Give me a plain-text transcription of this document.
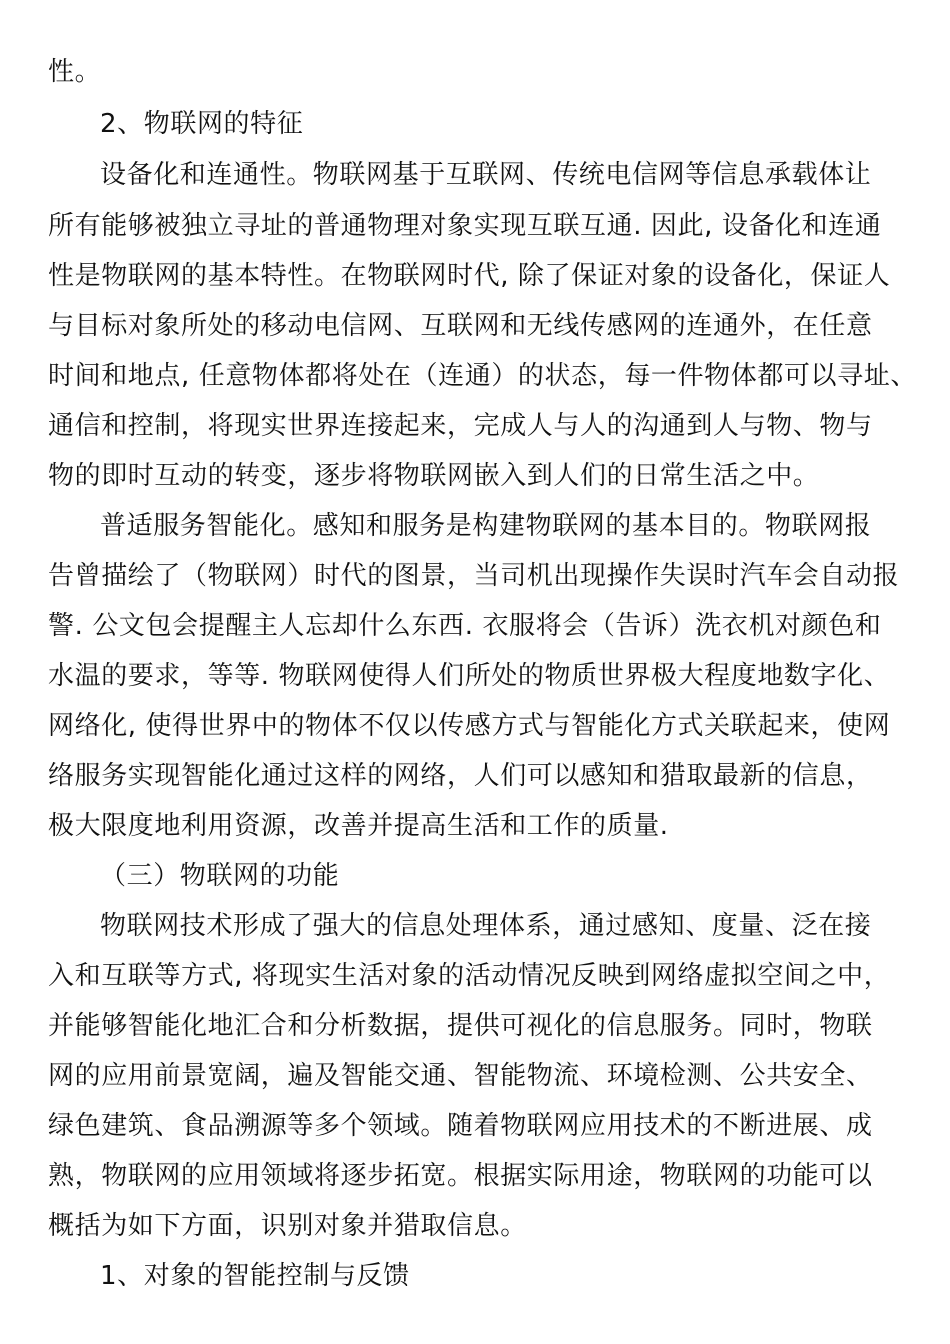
性。
2、物联网的特征
设备化和连通性。物联网基于互联网、传统电信网等信息承载体让
所有能够被独立寻址的普通物理对象实现互联互通. 因此, 设备化和连通
性是物联网的基本特性。在物联网时代, 除了保证对象的设备化，保证人
与目标对象所处的移动电信网、互联网和无线传感网的连通外，在任意
时间和地点, 任意物体都将处在（连通）的状态，每一件物体都可以寻址、
通信和控制，将现实世界连接起来，完成人与人的沟通到人与物、物与
物的即时互动的转变，逐步将物联网嵌入到人们的日常生活之中。
普适服务智能化。感知和服务是构建物联网的基本目的。物联网报
告曾描绘了（物联网）时代的图景，当司机出现操作失误时汽车会自动报
警. 公文包会提醒主人忘却什么东西. 衣服将会（告诉）洗衣机对颜色和
水温的要求，等等. 物联网使得人们所处的物质世界极大程度地数字化、
网络化, 使得世界中的物体不仅以传感方式与智能化方式关联起来，使网
络服务实现智能化通过这样的网络，人们可以感知和猎取最新的信息，
极大限度地利用资源，改善并提高生活和工作的质量.
（三）物联网的功能
物联网技术形成了强大的信息处理体系，通过感知、度量、泛在接
入和互联等方式, 将现实生活对象的活动情况反映到网络虚拟空间之中，
并能够智能化地汇合和分析数据，提供可视化的信息服务。同时，物联
网的应用前景宽阔，遍及智能交通、智能物流、环境检测、公共安全、
绿色建筑、食品溯源等多个领域。随着物联网应用技术的不断进展、成
熟，物联网的应用领域将逐步拓宽。根据实际用途，物联网的功能可以
概括为如下方面，识别对象并猎取信息。
1、对象的智能控制与反馈
